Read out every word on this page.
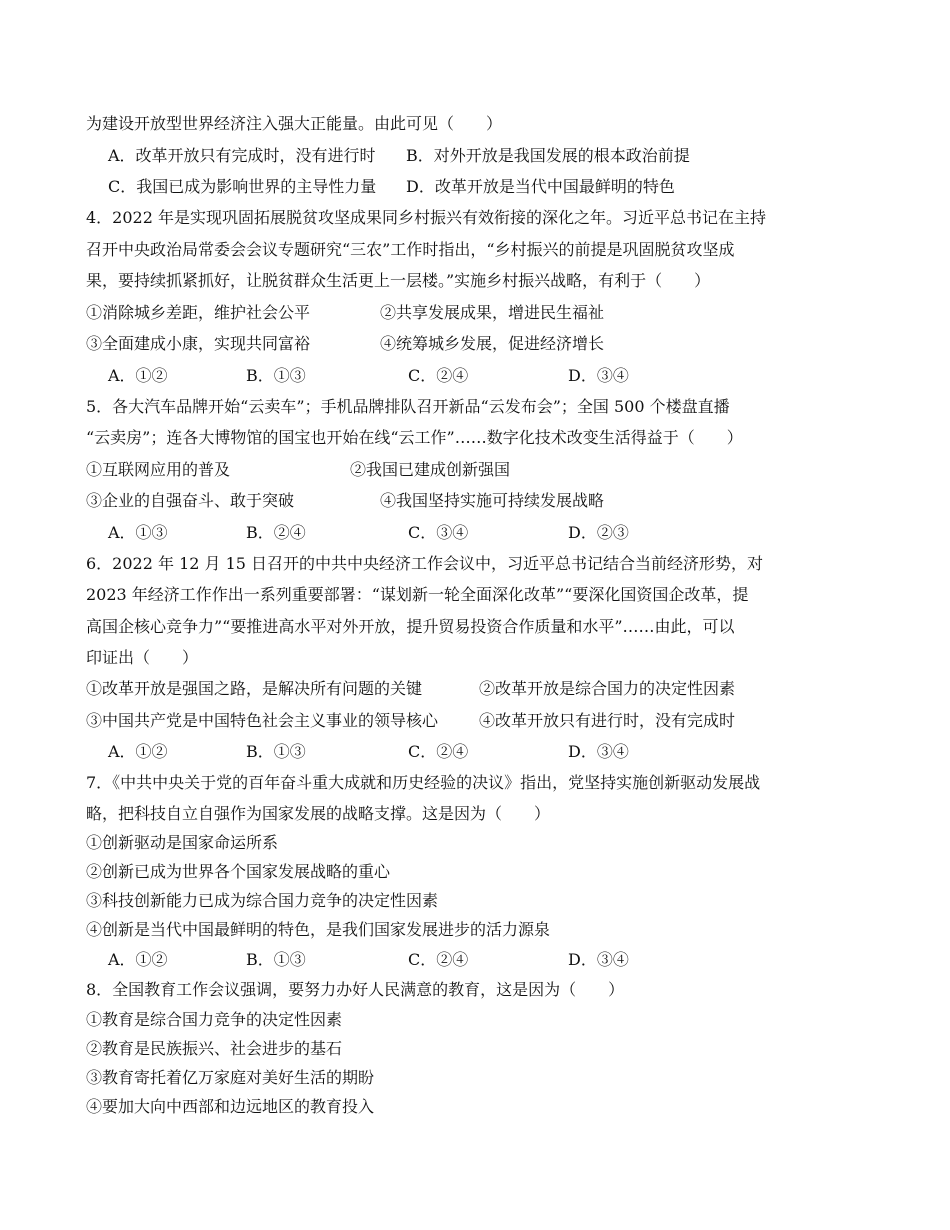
为建设开放型世界经济注入强大正能量。由此可见（　　）
A．改革开放只有完成时，没有进行时 B．对外开放是我国发展的根本政治前提
C．我国已成为影响世界的主导性力量 D．改革开放是当代中国最鲜明的特色
4．2022 年是实现巩固拓展脱贫攻坚成果同乡村振兴有效衔接的深化之年。习近平总书记在主持
召开中央政治局常委会会议专题研究“三农”工作时指出，“乡村振兴的前提是巩固脱贫攻坚成
果，要持续抓紧抓好，让脱贫群众生活更上一层楼。”实施乡村振兴战略，有利于（　　）
①消除城乡差距，维护社会公平	②共享发展成果，增进民生福祉
③全面建成小康，实现共同富裕	④统筹城乡发展，促进经济增长
A．①②	B．①③	C．②④	D．③④
5．各大汽车品牌开始“云卖车”；手机品牌排队召开新品“云发布会”；全国 500 个楼盘直播
“云卖房”；连各大博物馆的国宝也开始在线“云工作”……数字化技术改变生活得益于（　　）
①互联网应用的普及	②我国已建成创新强国
③企业的自强奋斗、敢于突破	④我国坚持实施可持续发展战略
A．①③	B．②④	C．③④	D．②③
6．2022 年 12 月 15 日召开的中共中央经济工作会议中，习近平总书记结合当前经济形势，对
2023 年经济工作作出一系列重要部署：“谋划新一轮全面深化改革”“要深化国资国企改革，提
高国企核心竞争力”“要推进高水平对外开放，提升贸易投资合作质量和水平”……由此，可以
印证出（　　）
①改革开放是强国之路，是解决所有问题的关键	②改革开放是综合国力的决定性因素
③中国共产党是中国特色社会主义事业的领导核心	④改革开放只有进行时，没有完成时
A．①②	B．①③	C．②④	D．③④
7．《中共中央关于党的百年奋斗重大成就和历史经验的决议》指出，党坚持实施创新驱动发展战
略，把科技自立自强作为国家发展的战略支撑。这是因为（　　）
①创新驱动是国家命运所系
②创新已成为世界各个国家发展战略的重心
③科技创新能力已成为综合国力竞争的决定性因素
④创新是当代中国最鲜明的特色，是我们国家发展进步的活力源泉
A．①②	B．①③	C．②④	D．③④
8．全国教育工作会议强调，要努力办好人民满意的教育，这是因为（　　）
①教育是综合国力竞争的决定性因素
②教育是民族振兴、社会进步的基石
③教育寄托着亿万家庭对美好生活的期盼
④要加大向中西部和边远地区的教育投入
